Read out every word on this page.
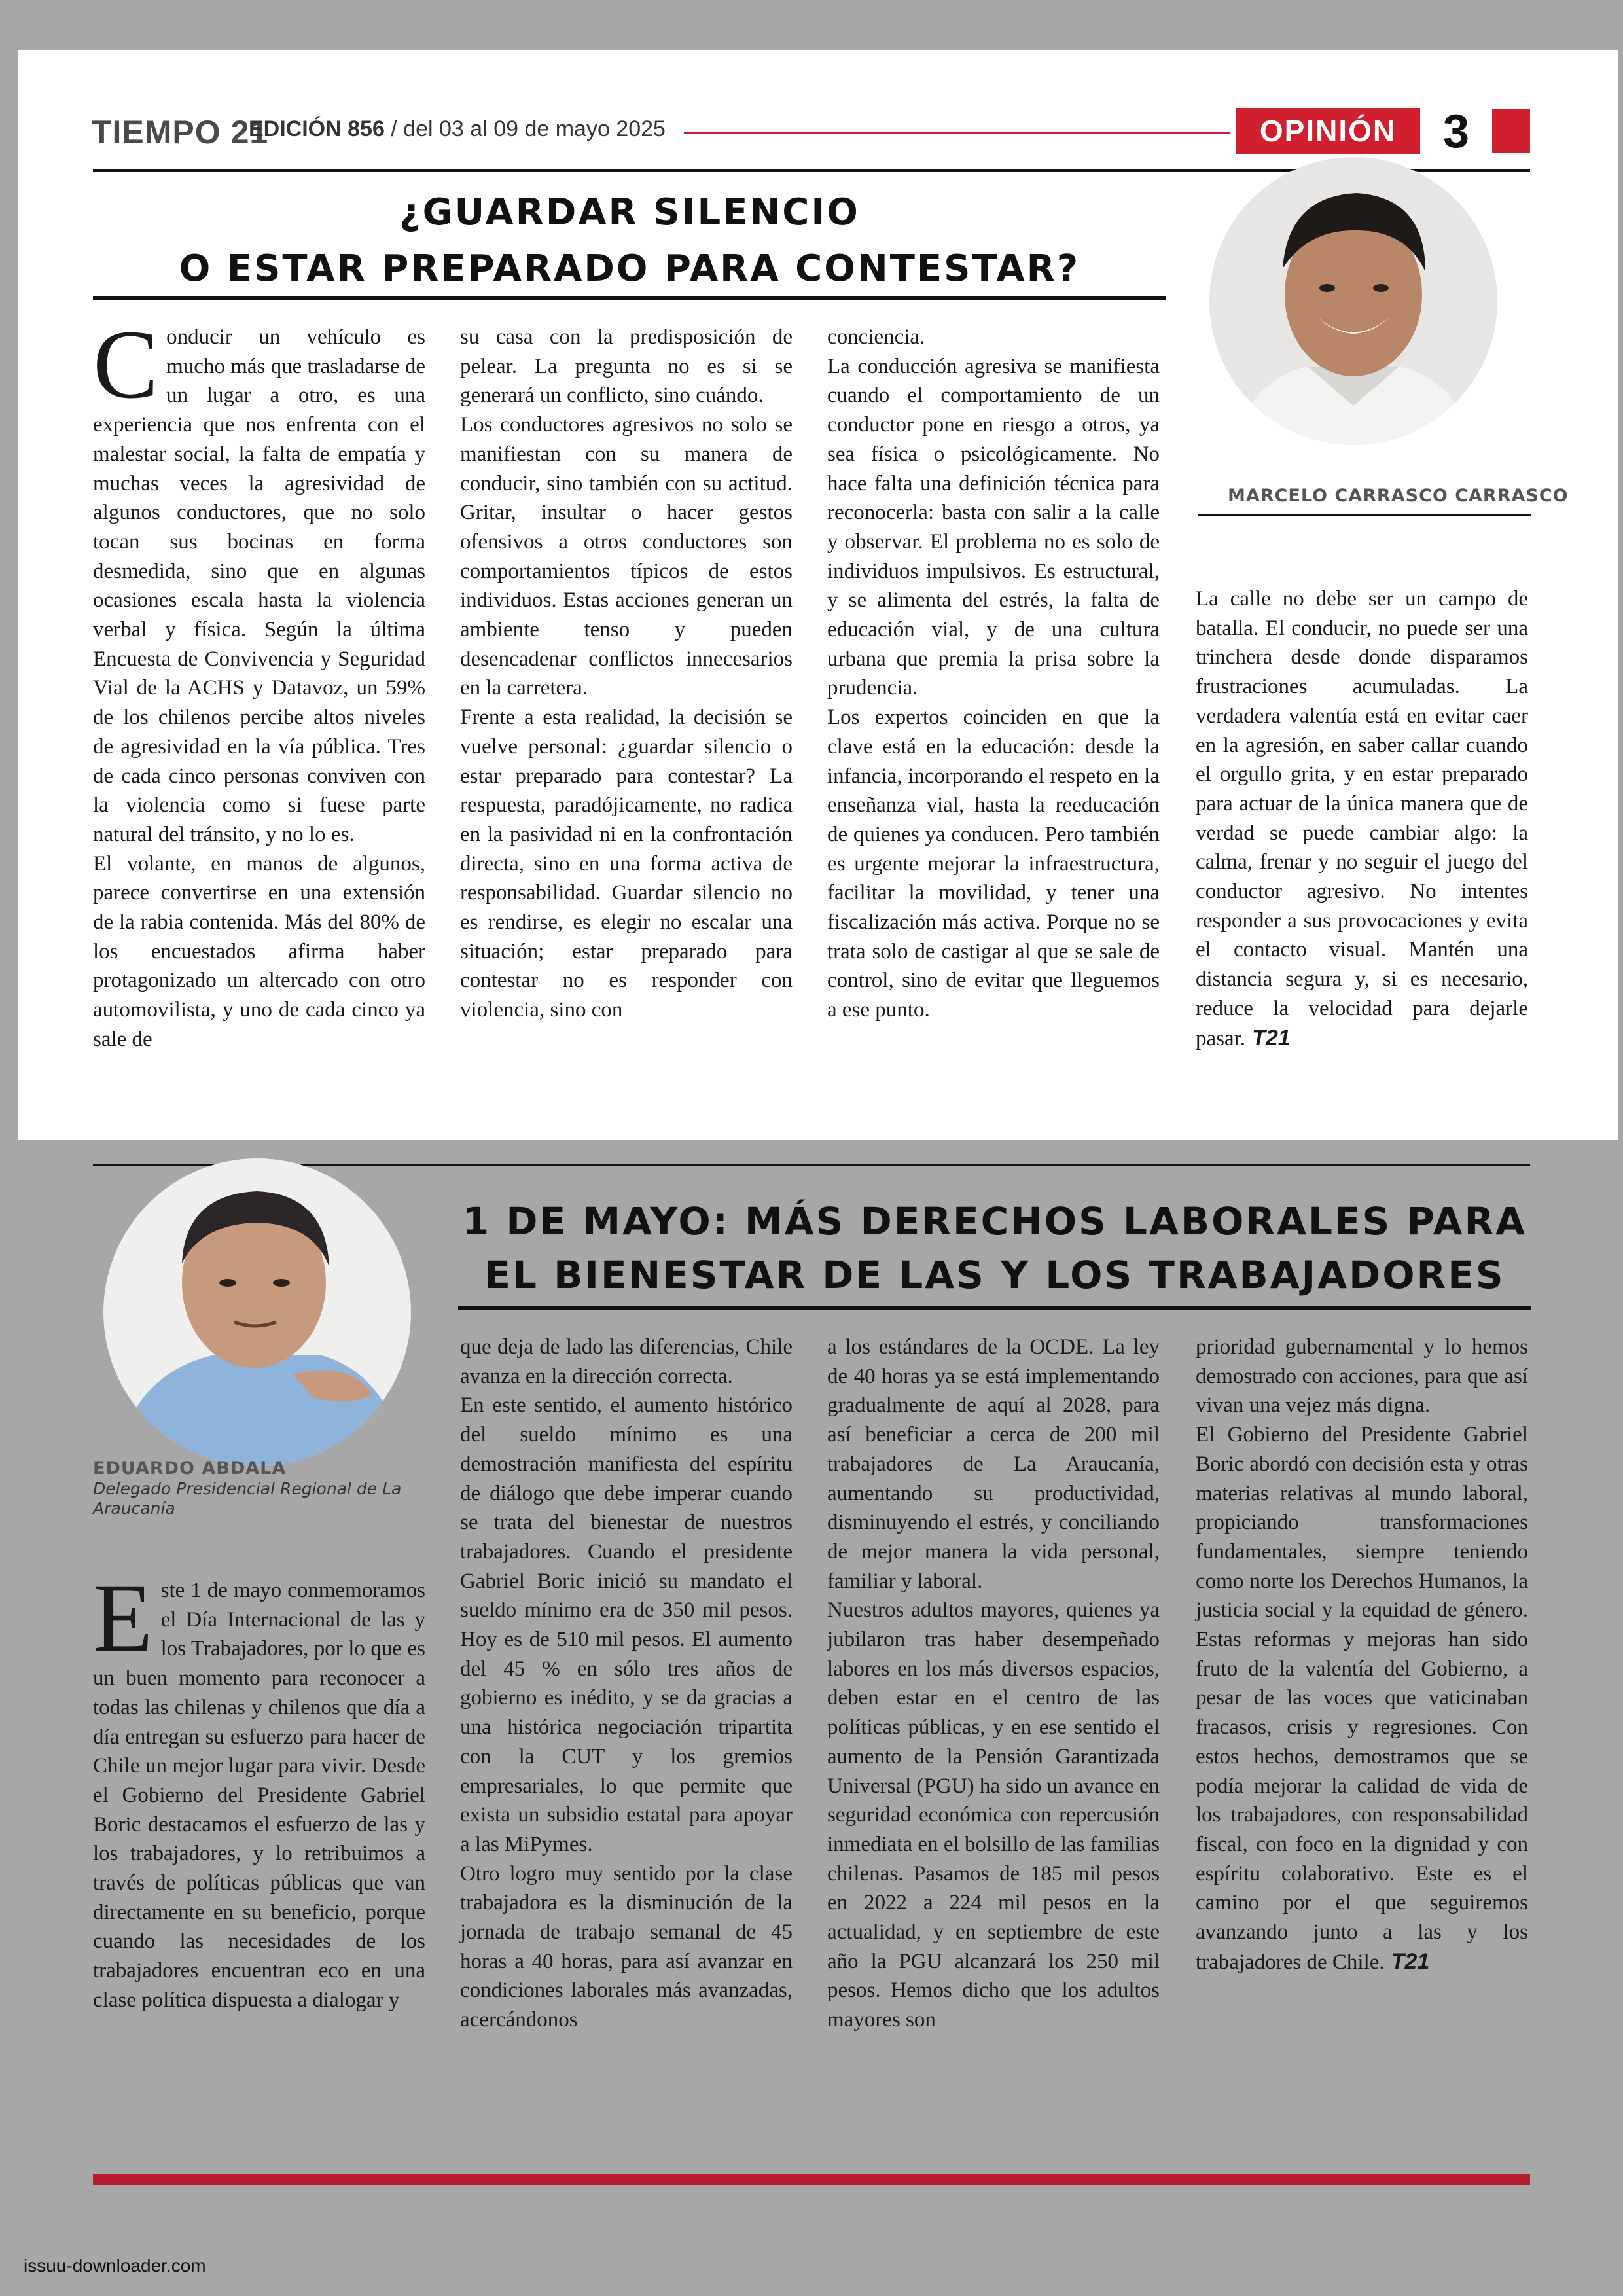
TIEMPO 21
EDICIÓN 856 / del 03 al 09 de mayo 2025	OPINIÓN 3
¿GUARDAR SILENCIO
O ESTAR PREPARADO PARA CONTESTAR?
MARCELO CARRASCO CARRASCO

Conducir un vehículo es mucho más que trasladarse de un lugar a otro, es una experiencia que nos enfrenta con el malestar social, la falta de empatía y muchas veces la agresividad de algunos conductores, que no solo tocan sus bocinas en forma desmedida, sino que en algunas ocasiones escala hasta la violencia verbal y física. Según la última Encuesta de Convivencia y Seguridad Vial de la ACHS y Datavoz, un 59% de los chilenos percibe altos niveles de agresividad en la vía pública. Tres de cada cinco personas conviven con la violencia como si fuese parte natural del tránsito, y no lo es.

El volante, en manos de algunos, parece convertirse en una extensión de la rabia contenida. Más del 80% de los encuestados afirma haber protagonizado un altercado con otro automovilista, y uno de cada cinco ya sale de

su casa con la predisposición de pelear. La pregunta no es si se generará un conflicto, sino cuándo.

Los conductores agresivos no solo se manifiestan con su manera de conducir, sino también con su actitud. Gritar, insultar o hacer gestos ofensivos a otros conductores son comportamientos típicos de estos individuos. Estas acciones generan un ambiente tenso y pueden desencadenar conflictos innecesarios en la carretera.

Frente a esta realidad, la decisión se vuelve personal: ¿guardar silencio o estar preparado para contestar? La respuesta, paradójicamente, no radica en la pasividad ni en la confrontación directa, sino en una forma activa de responsabilidad. Guardar silencio no es rendirse, es elegir no escalar una situación; estar preparado para contestar no es responder con violencia, sino con

conciencia.

La conducción agresiva se manifiesta cuando el comportamiento de un conductor pone en riesgo a otros, ya sea física o psicológicamente. No hace falta una definición técnica para reconocerla: basta con salir a la calle y observar. El problema no es solo de individuos impulsivos. Es estructural, y se alimenta del estrés, la falta de educación vial, y de una cultura urbana que premia la prisa sobre la prudencia.

Los expertos coinciden en que la clave está en la educación: desde la infancia, incorporando el respeto en la enseñanza vial, hasta la reeducación de quienes ya conducen. Pero también es urgente mejorar la infraestructura, facilitar la movilidad, y tener una fiscalización más activa. Porque no se trata solo de castigar al que se sale de control, sino de evitar que lleguemos a ese punto.

La calle no debe ser un campo de batalla. El conducir, no puede ser una trinchera desde donde disparamos frustraciones acumuladas. La verdadera valentía está en evitar caer en la agresión, en saber callar cuando el orgullo grita, y en estar preparado para actuar de la única manera que de verdad se puede cambiar algo: la calma, frenar y no seguir el juego del conductor agresivo. No intentes responder a sus provocaciones y evita el contacto visual. Mantén una distancia segura y, si es necesario, reduce la velocidad para dejarle pasar. T21

EDUARDO ABDALA
Delegado Presidencial Regional de La Araucanía
1 DE MAYO: MÁS DERECHOS LABORALES PARA
EL BIENESTAR DE LAS Y LOS TRABAJADORES

Este 1 de mayo conmemoramos el Día Internacional de las y los Trabajadores, por lo que es un buen momento para reconocer a todas las chilenas y chilenos que día a día entregan su esfuerzo para hacer de Chile un mejor lugar para vivir. Desde el Gobierno del Presidente Gabriel Boric destacamos el esfuerzo de las y los trabajadores, y lo retribuimos a través de políticas públicas que van directamente en su beneficio, porque cuando las necesidades de los trabajadores encuentran eco en una clase política dispuesta a dialogar y

que deja de lado las diferencias, Chile avanza en la dirección correcta.

En este sentido, el aumento histórico del sueldo mínimo es una demostración manifiesta del espíritu de diálogo que debe imperar cuando se trata del bienestar de nuestros trabajadores. Cuando el presidente Gabriel Boric inició su mandato el sueldo mínimo era de 350 mil pesos. Hoy es de 510 mil pesos. El aumento del 45 % en sólo tres años de gobierno es inédito, y se da gracias a una histórica negociación tripartita con la CUT y los gremios empresariales, lo que permite que exista un subsidio estatal para apoyar a las MiPymes.

Otro logro muy sentido por la clase trabajadora es la disminución de la jornada de trabajo semanal de 45 horas a 40 horas, para así avanzar en condiciones laborales más avanzadas, acercándonos

a los estándares de la OCDE. La ley de 40 horas ya se está implementando gradualmente de aquí al 2028, para así beneficiar a cerca de 200 mil trabajadores de La Araucanía, aumentando su productividad, disminuyendo el estrés, y conciliando de mejor manera la vida personal, familiar y laboral.

Nuestros adultos mayores, quienes ya jubilaron tras haber desempeñado labores en los más diversos espacios, deben estar en el centro de las políticas públicas, y en ese sentido el aumento de la Pensión Garantizada Universal (PGU) ha sido un avance en seguridad económica con repercusión inmediata en el bolsillo de las familias chilenas. Pasamos de 185 mil pesos en 2022 a 224 mil pesos en la actualidad, y en septiembre de este año la PGU alcanzará los 250 mil pesos. Hemos dicho que los adultos mayores son

prioridad gubernamental y lo hemos demostrado con acciones, para que así vivan una vejez más digna.

El Gobierno del Presidente Gabriel Boric abordó con decisión esta y otras materias relativas al mundo laboral, propiciando transformaciones fundamentales, siempre teniendo como norte los Derechos Humanos, la justicia social y la equidad de género. Estas reformas y mejoras han sido fruto de la valentía del Gobierno, a pesar de las voces que vaticinaban fracasos, crisis y regresiones. Con estos hechos, demostramos que se podía mejorar la calidad de vida de los trabajadores, con responsabilidad fiscal, con foco en la dignidad y con espíritu colaborativo. Este es el camino por el que seguiremos avanzando junto a las y los trabajadores de Chile. T21

issuu-downloader.com
